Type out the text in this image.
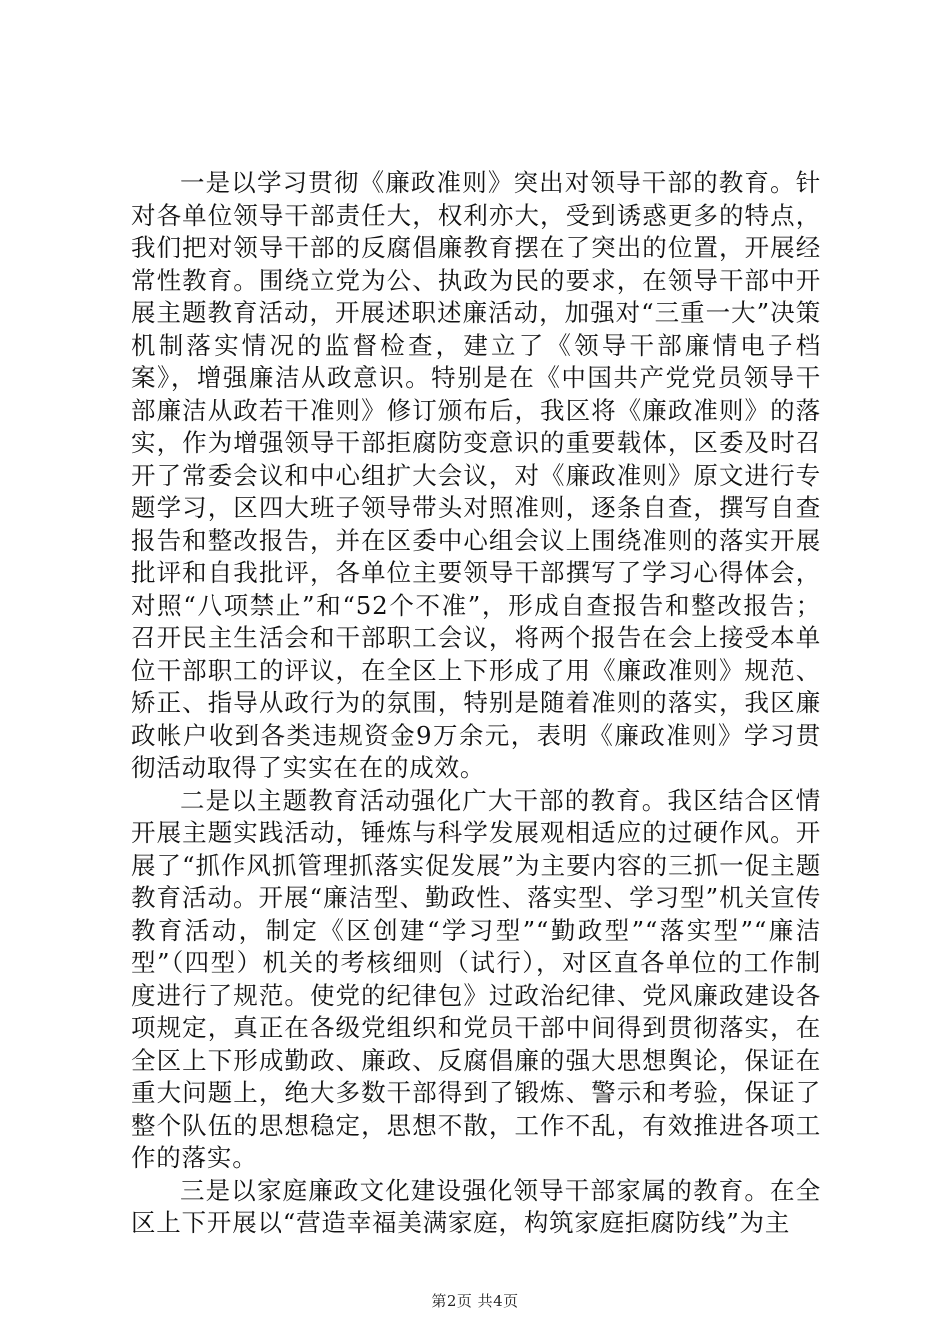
一是以学习贯彻《廉政准则》突出对领导干部的教育。针对各单位领导干部责任大，权利亦大，受到诱惑更多的特点，我们把对领导干部的反腐倡廉教育摆在了突出的位置，开展经常性教育。围绕立党为公、执政为民的要求，在领导干部中开展主题教育活动，开展述职述廉活动，加强对“三重一大”决策机制落实情况的监督检查，建立了《领导干部廉情电子档案》，增强廉洁从政意识。特别是在《中国共产党党员领导干部廉洁从政若干准则》修订颁布后，我区将《廉政准则》的落实，作为增强领导干部拒腐防变意识的重要载体，区委及时召开了常委会议和中心组扩大会议，对《廉政准则》原文进行专题学习，区四大班子领导带头对照准则，逐条自查，撰写自查报告和整改报告，并在区委中心组会议上围绕准则的落实开展批评和自我批评，各单位主要领导干部撰写了学习心得体会，对照“八项禁止”和“52个不准”，形成自查报告和整改报告；召开民主生活会和干部职工会议，将两个报告在会上接受本单位干部职工的评议，在全区上下形成了用《廉政准则》规范、矫正、指导从政行为的氛围，特别是随着准则的落实，我区廉政帐户收到各类违规资金9万余元，表明《廉政准则》学习贯彻活动取得了实实在在的成效。

二是以主题教育活动强化广大干部的教育。我区结合区情开展主题实践活动，锤炼与科学发展观相适应的过硬作风。开展了“抓作风抓管理抓落实促发展”为主要内容的三抓一促主题教育活动。开展“廉洁型、勤政性、落实型、学习型”机关宣传教育活动，制定《区创建“学习型”“勤政型”“落实型”“廉洁型”（四型）机关的考核细则（试行），对区直各单位的工作制度进行了规范。使党的纪律包》过政治纪律、党风廉政建设各项规定，真正在各级党组织和党员干部中间得到贯彻落实，在全区上下形成勤政、廉政、反腐倡廉的强大思想舆论，保证在重大问题上，绝大多数干部得到了锻炼、警示和考验，保证了整个队伍的思想稳定，思想不散，工作不乱，有效推进各项工作的落实。

三是以家庭廉政文化建设强化领导干部家属的教育。在全区上下开展以“营造幸福美满家庭，构筑家庭拒腐防线”为主

第2页 共4页
